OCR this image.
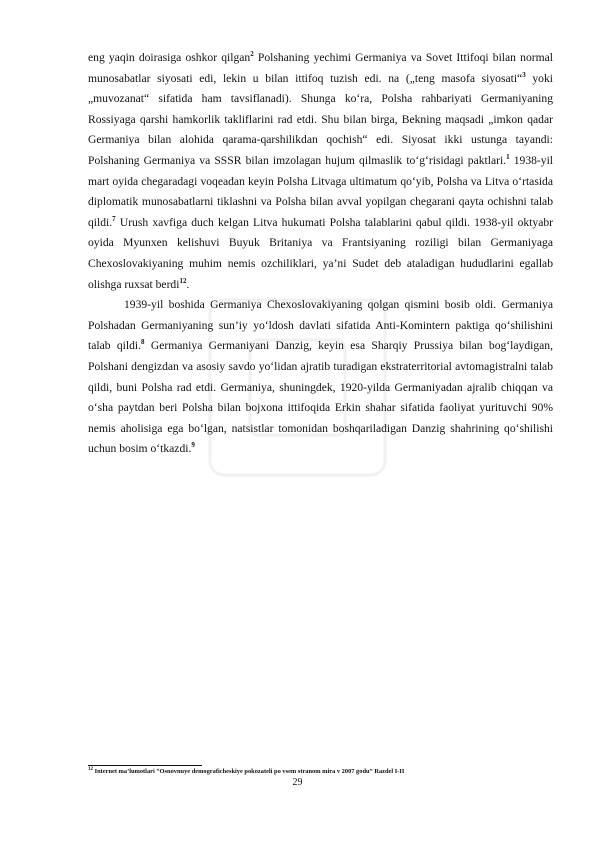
eng yaqin doirasiga oshkor qilgan$^2$ Polshaning yechimi Germaniya va Sovet Ittifoqi bilan normal munosabatlar siyosati edi, lekin u bilan ittifoq tuzish edi. na („teng masofa siyosati“$^3$ yoki „muvozanat“ sifatida ham tavsiflanadi). Shunga ko‘ra, Polsha rahbariyati Germaniyaning Rossiyaga qarshi hamkorlik takliflarini rad etdi. Shu bilan birga, Bekning maqsadi „imkon qadar Germaniya bilan alohida qarama-qarshilikdan qochish“ edi. Siyosat ikki ustunga tayandi: Polshaning Germaniya va SSSR bilan imzolagan hujum qilmaslik to‘g‘risidagi paktlari.$^1$ 1938-yil mart oyida chegaradagi voqeadan keyin Polsha Litvaga ultimatum qo‘yib, Polsha va Litva o‘rtasida diplomatik munosabatlarni tiklashni va Polsha bilan avval yopilgan chegarani qayta ochishni talab qildi.$^7$ Urush xavfiga duch kelgan Litva hukumati Polsha talablarini qabul qildi. 1938-yil oktyabr oyida Myunxen kelishuvi Buyuk Britaniya va Frantsiyaning roziligi bilan Germaniyaga Chexoslovakiyaning muhim nemis ozchiliklari, ya’ni Sudet deb ataladigan hududlarini egallab olishga ruxsat berdi$^{12}$.

1939-yil boshida Germaniya Chexoslovakiyaning qolgan qismini bosib oldi. Germaniya Polshadan Germaniyaning sun’iy yo‘ldosh davlati sifatida Anti-Komintern paktiga qo‘shilishini talab qildi.$^8$ Germaniya Germaniyani Danzig, keyin esa Sharqiy Prussiya bilan bog‘laydigan, Polshani dengizdan va asosiy savdo yo‘lidan ajratib turadigan ekstraterritorial avtomagistralni talab qildi, buni Polsha rad etdi. Germaniya, shuningdek, 1920-yilda Germaniyadan ajralib chiqqan va o‘sha paytdan beri Polsha bilan bojxona ittifoqida Erkin shahar sifatida faoliyat yurituvchi 90% nemis aholisiga ega bo‘lgan, natsistlar tomonidan boshqariladigan Danzig shahrining qo‘shilishi uchun bosim o‘tkazdi.$^9$

$^{12}$ Internet ma’lumotlari “Osnovnuye demograficheskiye pokozateli po vsem stranom mira v 2007 godu” Razdel I-II
29
